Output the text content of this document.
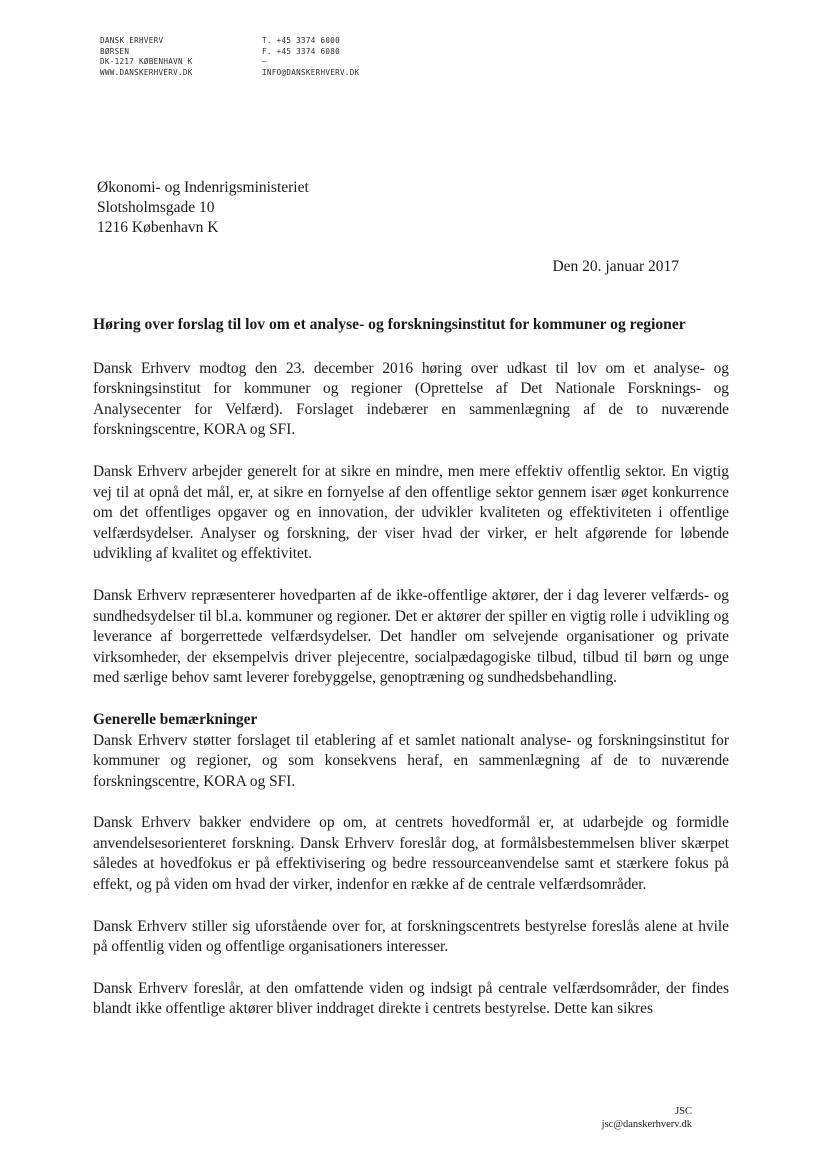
DANSK ERHVERV
BØRSEN
DK-1217 KØBENHAVN K
WWW.DANSKERHVERV.DK
T. +45 3374 6000
F. +45 3374 6080
–
INFO@DANSKERHVERV.DK
Økonomi- og Indenrigsministeriet
Slotsholmsgade 10
1216 København K
Den 20. januar 2017

Høring over forslag til lov om et analyse- og forskningsinstitut for kommuner og regioner

Dansk Erhverv modtog den 23. december 2016 høring over udkast til lov om et analyse- og forskningsinstitut for kommuner og regioner (Oprettelse af Det Nationale Forsknings- og Analysecenter for Velfærd). Forslaget indebærer en sammenlægning af de to nuværende forskningscentre, KORA og SFI.

Dansk Erhverv arbejder generelt for at sikre en mindre, men mere effektiv offentlig sektor. En vigtig vej til at opnå det mål, er, at sikre en fornyelse af den offentlige sektor gennem især øget konkurrence om det offentliges opgaver og en innovation, der udvikler kvaliteten og effektiviteten i offentlige velfærdsydelser. Analyser og forskning, der viser hvad der virker, er helt afgørende for løbende udvikling af kvalitet og effektivitet.

Dansk Erhverv repræsenterer hovedparten af de ikke-offentlige aktører, der i dag leverer velfærds- og sundhedsydelser til bl.a. kommuner og regioner. Det er aktører der spiller en vigtig rolle i udvikling og leverance af borgerrettede velfærdsydelser. Det handler om selvejende organisationer og private virksomheder, der eksempelvis driver plejecentre, socialpædagogiske tilbud, tilbud til børn og unge med særlige behov samt leverer forebyggelse, genoptræning og sundhedsbehandling.

Generelle bemærkninger

Dansk Erhverv støtter forslaget til etablering af et samlet nationalt analyse- og forskningsinstitut for kommuner og regioner, og som konsekvens heraf, en sammenlægning af de to nuværende forskningscentre, KORA og SFI.

Dansk Erhverv bakker endvidere op om, at centrets hovedformål er, at udarbejde og formidle anvendelsesorienteret forskning. Dansk Erhverv foreslår dog, at formålsbestemmelsen bliver skærpet således at hovedfokus er på effektivisering og bedre ressourceanvendelse samt et stærkere fokus på effekt, og på viden om hvad der virker, indenfor en række af de centrale velfærdsområder.

Dansk Erhverv stiller sig uforstående over for, at forskningscentrets bestyrelse foreslås alene at hvile på offentlig viden og offentlige organisationers interesser.

Dansk Erhverv foreslår, at den omfattende viden og indsigt på centrale velfærdsområder, der findes blandt ikke offentlige aktører bliver inddraget direkte i centrets bestyrelse. Dette kan sikres

JSC
jsc@danskerhverv.dk
